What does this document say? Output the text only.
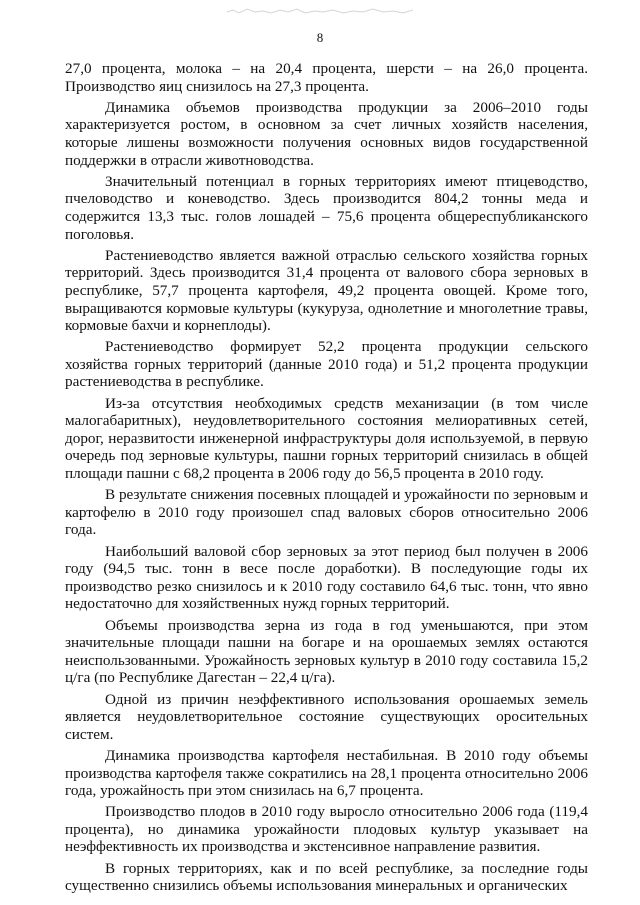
8

27,0 процента, молока – на 20,4 процента, шерсти – на 26,0 процента. Производство яиц снизилось на 27,3 процента.

Динамика объемов производства продукции за 2006–2010 годы характеризуется ростом, в основном за счет личных хозяйств населения, которые лишены возможности получения основных видов государственной поддержки в отрасли животноводства.

Значительный потенциал в горных территориях имеют птицеводство, пчеловодство и коневодство. Здесь производится 804,2 тонны меда и содержится 13,3 тыс. голов лошадей – 75,6 процента общереспубликанского поголовья.

Растениеводство является важной отраслью сельского хозяйства горных территорий. Здесь производится 31,4 процента от валового сбора зерновых в республике, 57,7 процента картофеля, 49,2 процента овощей. Кроме того, выращиваются кормовые культуры (кукуруза, однолетние и многолетние травы, кормовые бахчи и корнеплоды).

Растениеводство формирует 52,2 процента продукции сельского хозяйства горных территорий (данные 2010 года) и 51,2 процента продукции растениеводства в республике.

Из-за отсутствия необходимых средств механизации (в том числе малогабаритных), неудовлетворительного состояния мелиоративных сетей, дорог, неразвитости инженерной инфраструктуры доля используемой, в первую очередь под зерновые культуры, пашни горных территорий снизилась в общей площади пашни с 68,2 процента в 2006 году до 56,5 процента в 2010 году.

В результате снижения посевных площадей и урожайности по зерновым и картофелю в 2010 году произошел спад валовых сборов относительно 2006 года.

Наибольший валовой сбор зерновых за этот период был получен в 2006 году (94,5 тыс. тонн в весе после доработки). В последующие годы их производство резко снизилось и к 2010 году составило 64,6 тыс. тонн, что явно недостаточно для хозяйственных нужд горных территорий.

Объемы производства зерна из года в год уменьшаются, при этом значительные площади пашни на богаре и на орошаемых землях остаются неиспользованными. Урожайность зерновых культур в 2010 году составила 15,2 ц/га (по Республике Дагестан – 22,4 ц/га).

Одной из причин неэффективного использования орошаемых земель является неудовлетворительное состояние существующих оросительных систем.

Динамика производства картофеля нестабильная. В 2010 году объемы производства картофеля также сократились на 28,1 процента относительно 2006 года, урожайность при этом снизилась на 6,7 процента.

Производство плодов в 2010 году выросло относительно 2006 года (119,4 процента), но динамика урожайности плодовых культур указывает на неэффективность их производства и экстенсивное направление развития.

В горных территориях, как и по всей республике, за последние годы существенно снизились объемы использования минеральных и органических
